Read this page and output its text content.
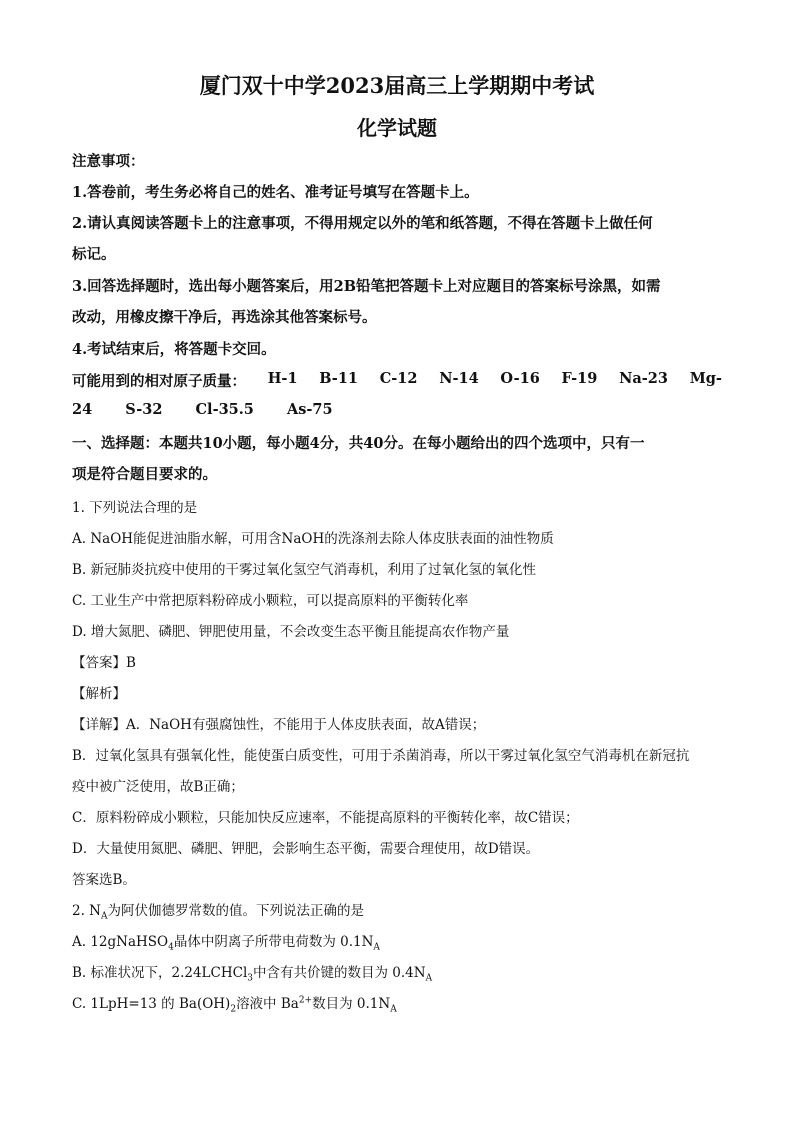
厦门双十中学2023届高三上学期期中考试
化学试题
注意事项：
1.答卷前，考生务必将自己的姓名、准考证号填写在答题卡上。
2.请认真阅读答题卡上的注意事项，不得用规定以外的笔和纸答题，不得在答题卡上做任何
标记。
3.回答选择题时，选出每小题答案后，用2B铅笔把答题卡上对应题目的答案标号涂黑，如需
改动，用橡皮擦干净后，再选涂其他答案标号。
4.考试结束后，将答题卡交回。
可能用到的相对原子质量： H-1 B-11 C-12 N-14 O-16 F-19 Na-23 Mg-
24 S-32 Cl-35.5 As-75
一、选择题：本题共10小题，每小题4分，共40分。在每小题给出的四个选项中，只有一
项是符合题目要求的。
1. 下列说法合理的是
A. NaOH能促进油脂水解，可用含NaOH的洗涤剂去除人体皮肤表面的油性物质
B. 新冠肺炎抗疫中使用的干雾过氧化氢空气消毒机，利用了过氧化氢的氧化性
C. 工业生产中常把原料粉碎成小颗粒，可以提高原料的平衡转化率
D. 增大氮肥、磷肥、钾肥使用量，不会改变生态平衡且能提高农作物产量
【答案】B
【解析】
【详解】A．NaOH有强腐蚀性，不能用于人体皮肤表面，故A错误；
B．过氧化氢具有强氧化性，能使蛋白质变性，可用于杀菌消毒，所以干雾过氧化氢空气消毒机在新冠抗
疫中被广泛使用，故B正确；
C．原料粉碎成小颗粒，只能加快反应速率，不能提高原料的平衡转化率，故C错误；
D．大量使用氮肥、磷肥、钾肥，会影响生态平衡，需要合理使用，故D错误。
答案选B。
2. $N_A$为阿伏伽德罗常数的值。下列说法正确的是
A. 12gNaHSO$_4$晶体中阴离子所带电荷数为 $0.1N_A$
B. 标准状况下，2.24LCHCl$_3$中含有共价键的数目为 $0.4N_A$
C. 1LpH=13 的 $Ba(OH)_2$溶液中 $Ba^{2+}$数目为 $0.1N_A$
